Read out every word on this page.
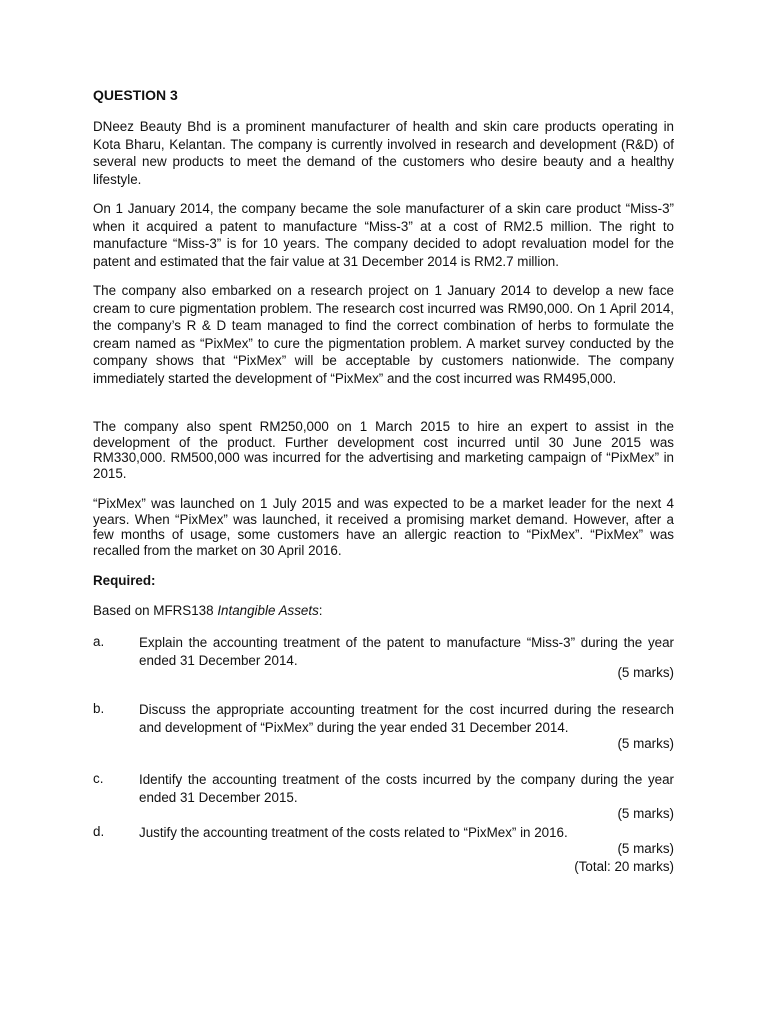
QUESTION 3
DNeez Beauty Bhd is a prominent manufacturer of health and skin care products operating in Kota Bharu, Kelantan. The company is currently involved in research and development (R&D) of several new products to meet the demand of the customers who desire beauty and a healthy lifestyle.
On 1 January 2014, the company became the sole manufacturer of a skin care product “Miss-3” when it acquired a patent to manufacture “Miss-3” at a cost of RM2.5 million. The right to manufacture “Miss-3” is for 10 years. The company decided to adopt revaluation model for the patent and estimated that the fair value at 31 December 2014 is RM2.7 million.
The company also embarked on a research project on 1 January 2014 to develop a new face cream to cure pigmentation problem. The research cost incurred was RM90,000. On 1 April 2014, the company’s R & D team managed to find the correct combination of herbs to formulate the cream named as “PixMex” to cure the pigmentation problem. A market survey conducted by the company shows that “PixMex” will be acceptable by customers nationwide. The company immediately started the development of “PixMex” and the cost incurred was RM495,000.
The company also spent RM250,000 on 1 March 2015 to hire an expert to assist in the development of the product. Further development cost incurred until 30 June 2015 was RM330,000. RM500,000 was incurred for the advertising and marketing campaign of “PixMex” in 2015.
“PixMex” was launched on 1 July 2015 and was expected to be a market leader for the next 4 years. When “PixMex” was launched, it received a promising market demand. However, after a few months of usage, some customers have an allergic reaction to “PixMex”. “PixMex” was recalled from the market on 30 April 2016.
Required:
Based on MFRS138 Intangible Assets:
a.	Explain the accounting treatment of the patent to manufacture “Miss-3” during the year ended 31 December 2014.
(5 marks)
b.	Discuss the appropriate accounting treatment for the cost incurred during the research and development of “PixMex” during the year ended 31 December 2014.
(5 marks)
c.	Identify the accounting treatment of the costs incurred by the company during the year ended 31 December 2015.
(5 marks)
d.	Justify the accounting treatment of the costs related to “PixMex” in 2016.
(5 marks)
(Total: 20 marks)
